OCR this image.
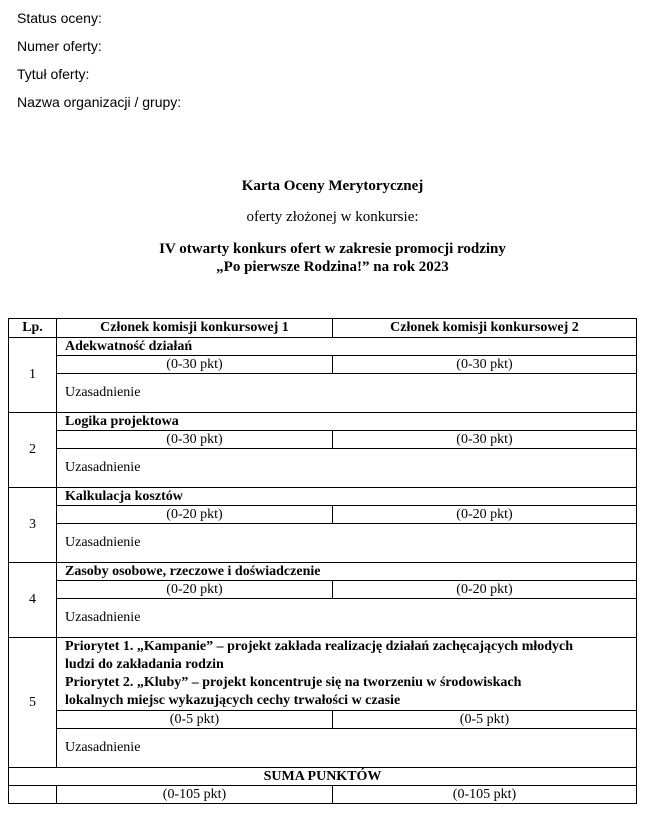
Status oceny:
Numer oferty:
Tytuł oferty:
Nazwa organizacji / grupy:
Karta Oceny Merytorycznej
oferty złożonej w konkursie:
IV otwarty konkurs ofert w zakresie promocji rodziny
„Po pierwsze Rodzina!” na rok 2023
Lp.	Członek komisji konkursowej 1	Członek komisji konkursowej 2
1	Adekwatność działań	
	(0-30 pkt)	(0-30 pkt)
	Uzasadnienie	
2	Logika projektowa	
	(0-30 pkt)	(0-30 pkt)
	Uzasadnienie	
3	Kalkulacja kosztów	
	(0-20 pkt)	(0-20 pkt)
	Uzasadnienie	
4	Zasoby osobowe, rzeczowe i doświadczenie	
	(0-20 pkt)	(0-20 pkt)
	Uzasadnienie	
5	Priorytet 1. „Kampanie” – projekt zakłada realizację działań zachęcających młodych
ludzi do zakładania rodzin
Priorytet 2. „Kluby” – projekt koncentruje się na tworzeniu w środowiskach
lokalnych miejsc wykazujących cechy trwałości w czasie	

	(0-5 pkt)	(0-5 pkt)
	Uzasadnienie	
SUMA PUNKTÓW		
	(0-105 pkt)	(0-105 pkt)
